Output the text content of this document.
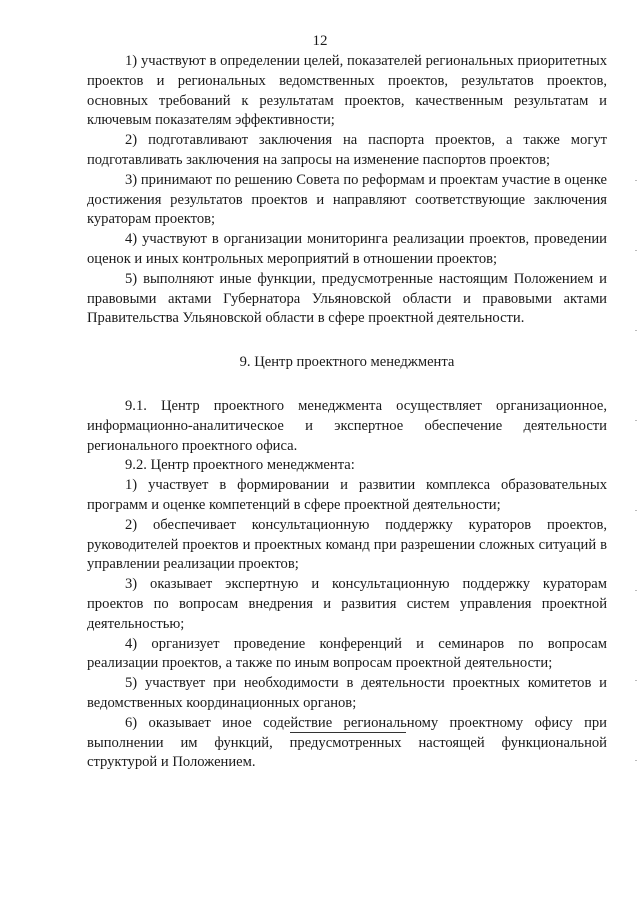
12

1) участвуют в определении целей, показателей региональных приоритетных проектов и региональных ведомственных проектов, результатов проектов, основных требований к результатам проектов, качественным результатам и ключевым показателям эффективности;

2) подготавливают заключения на паспорта проектов, а также могут подготавливать заключения на запросы на изменение паспортов проектов;

3) принимают по решению Совета по реформам и проектам участие в оценке достижения результатов проектов и направляют соответствующие заключения кураторам проектов;

4) участвуют в организации мониторинга реализации проектов, проведении оценок и иных контрольных мероприятий в отношении проектов;

5) выполняют иные функции, предусмотренные настоящим Положением и правовыми актами Губернатора Ульяновской области и правовыми актами Правительства Ульяновской области в сфере проектной деятельности.

9. Центр проектного менеджмента

9.1. Центр проектного менеджмента осуществляет организационное, информационно-аналитическое и экспертное обеспечение деятельности регионального проектного офиса.

9.2. Центр проектного менеджмента:

1) участвует в формировании и развитии комплекса образовательных программ и оценке компетенций в сфере проектной деятельности;

2) обеспечивает консультационную поддержку кураторов проектов, руководителей проектов и проектных команд при разрешении сложных ситуаций в управлении реализации проектов;

3) оказывает экспертную и консультационную поддержку кураторам проектов по вопросам внедрения и развития систем управления проектной деятельностью;

4) организует проведение конференций и семинаров по вопросам реализации проектов, а также по иным вопросам проектной деятельности;

5) участвует при необходимости в деятельности проектных комитетов и ведомственных координационных органов;

6) оказывает иное содействие региональному проектному офису при выполнении им функций, предусмотренных настоящей функциональной структурой и Положением.
